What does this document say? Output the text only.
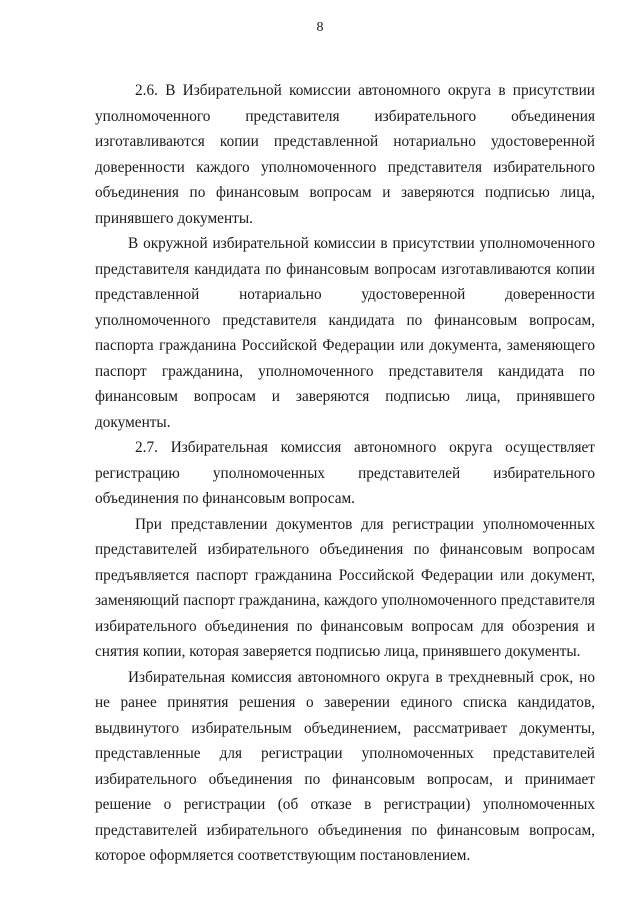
8

2.6. В Избирательной комиссии автономного округа в присутствии уполномоченного представителя избирательного объединения изготавливаются копии представленной нотариально удостоверенной доверенности каждого уполномоченного представителя избирательного объединения по финансовым вопросам и заверяются подписью лица, принявшего документы.

В окружной избирательной комиссии в присутствии уполномоченного представителя кандидата по финансовым вопросам изготавливаются копии представленной нотариально удостоверенной доверенности уполномоченного представителя кандидата по финансовым вопросам, паспорта гражданина Российской Федерации или документа, заменяющего паспорт гражданина, уполномоченного представителя кандидата по финансовым вопросам и заверяются подписью лица, принявшего документы.

2.7. Избирательная комиссия автономного округа осуществляет регистрацию уполномоченных представителей избирательного объединения по финансовым вопросам.

При представлении документов для регистрации уполномоченных представителей избирательного объединения по финансовым вопросам предъявляется паспорт гражданина Российской Федерации или документ, заменяющий паспорт гражданина, каждого уполномоченного представителя избирательного объединения по финансовым вопросам для обозрения и снятия копии, которая заверяется подписью лица, принявшего документы.

Избирательная комиссия автономного округа в трехдневный срок, но не ранее принятия решения о заверении единого списка кандидатов, выдвинутого избирательным объединением, рассматривает документы, представленные для регистрации уполномоченных представителей избирательного объединения по финансовым вопросам, и принимает решение о регистрации (об отказе в регистрации) уполномоченных представителей избирательного объединения по финансовым вопросам, которое оформляется соответствующим постановлением.
